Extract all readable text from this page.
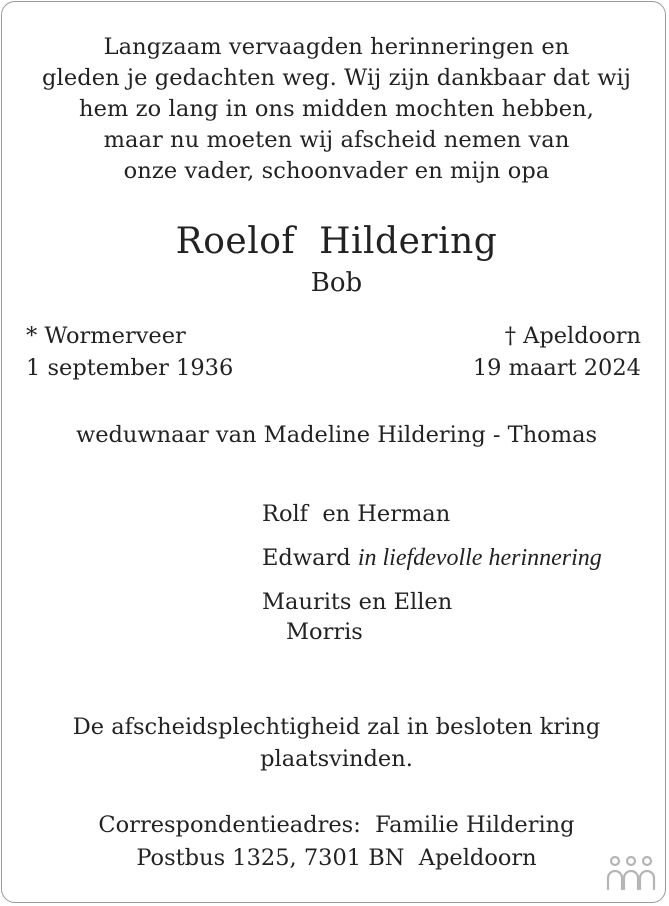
Langzaam vervaagden herinneringen en
gleden je gedachten weg. Wij zijn dankbaar dat wij
hem zo lang in ons midden mochten hebben,
maar nu moeten wij afscheid nemen van
onze vader, schoonvader en mijn opa
Roelof  Hildering
Bob
* Wormerveer
1 september 1936
† Apeldoorn
19 maart 2024
weduwnaar van Madeline Hildering - Thomas
Rolf  en Herman
Edward in liefdevolle herinnering
Maurits en Ellen
Morris
De afscheidsplechtigheid zal in besloten kring
plaatsvinden.
Correspondentieadres:  Familie Hildering
Postbus 1325, 7301 BN  Apeldoorn
